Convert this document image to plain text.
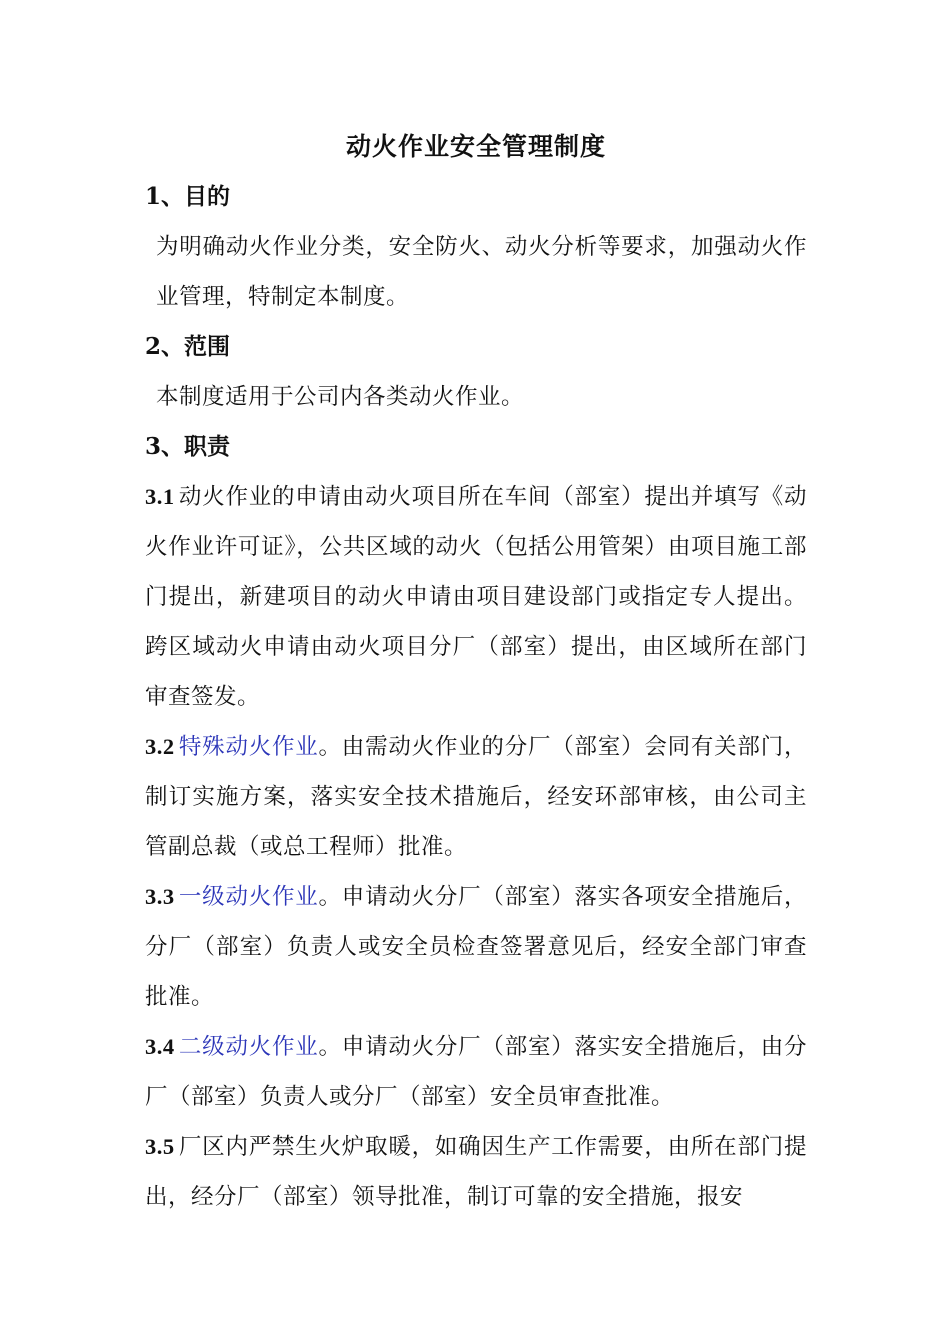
动火作业安全管理制度
1、目的

为明确动火作业分类，安全防火、动火分析等要求，加强动火作业管理，特制定本制度。

2、范围

本制度适用于公司内各类动火作业。

3、职责

3.1 动火作业的申请由动火项目所在车间（部室）提出并填写《动火作业许可证》，公共区域的动火（包括公用管架）由项目施工部门提出，新建项目的动火申请由项目建设部门或指定专人提出。跨区域动火申请由动火项目分厂（部室）提出，由区域所在部门审查签发。

3.2 特殊动火作业。由需动火作业的分厂（部室）会同有关部门，制订实施方案，落实安全技术措施后，经安环部审核，由公司主管副总裁（或总工程师）批准。

3.3 一级动火作业。申请动火分厂（部室）落实各项安全措施后，分厂（部室）负责人或安全员检查签署意见后，经安全部门审查批准。

3.4 二级动火作业。申请动火分厂（部室）落实安全措施后，由分厂（部室）负责人或分厂（部室）安全员审查批准。

3.5 厂区内严禁生火炉取暖，如确因生产工作需要，由所在部门提出，经分厂（部室）领导批准，制订可靠的安全措施，报安
